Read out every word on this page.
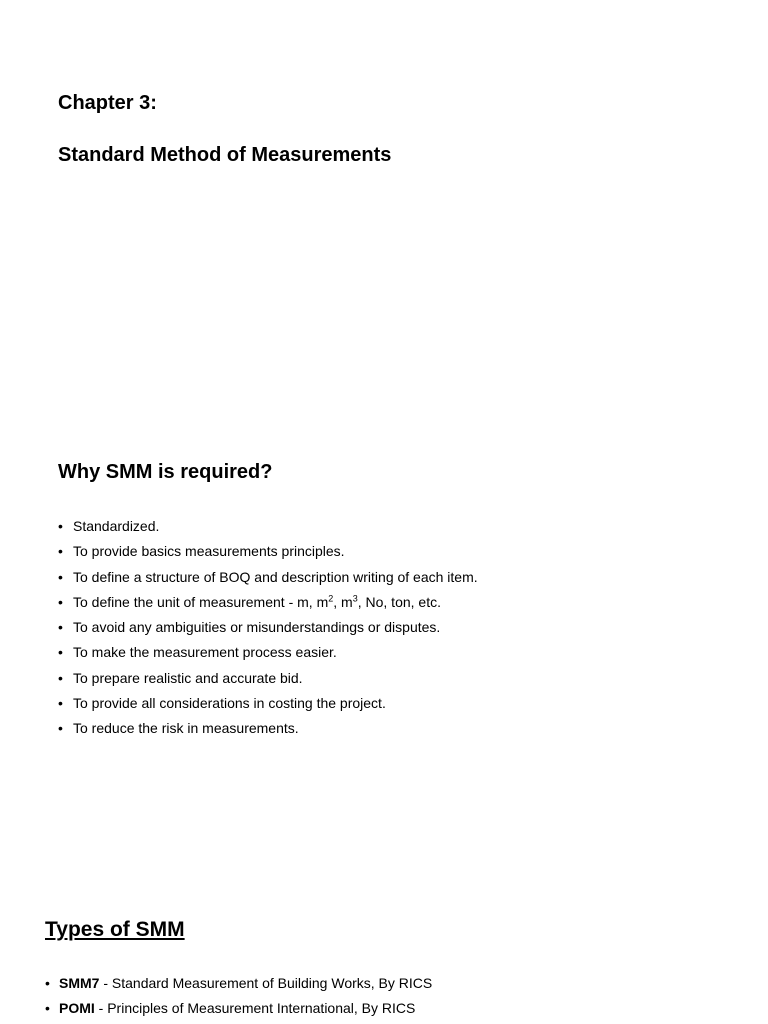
Chapter 3:
Standard Method of Measurements
Why SMM is required?
• Standardized.
• To provide basics measurements principles.
• To define a structure of BOQ and description writing of each item.
• To define the unit of measurement - m, $m^2$, $m^3$, No, ton, etc.
• To avoid any ambiguities or misunderstandings or disputes.
• To make the measurement process easier.
• To prepare realistic and accurate bid.
• To provide all considerations in costing the project.
• To reduce the risk in measurements.
Types of SMM
• SMM7 - Standard Measurement of Building Works, By RICS
• POMI - Principles of Measurement International, By RICS
